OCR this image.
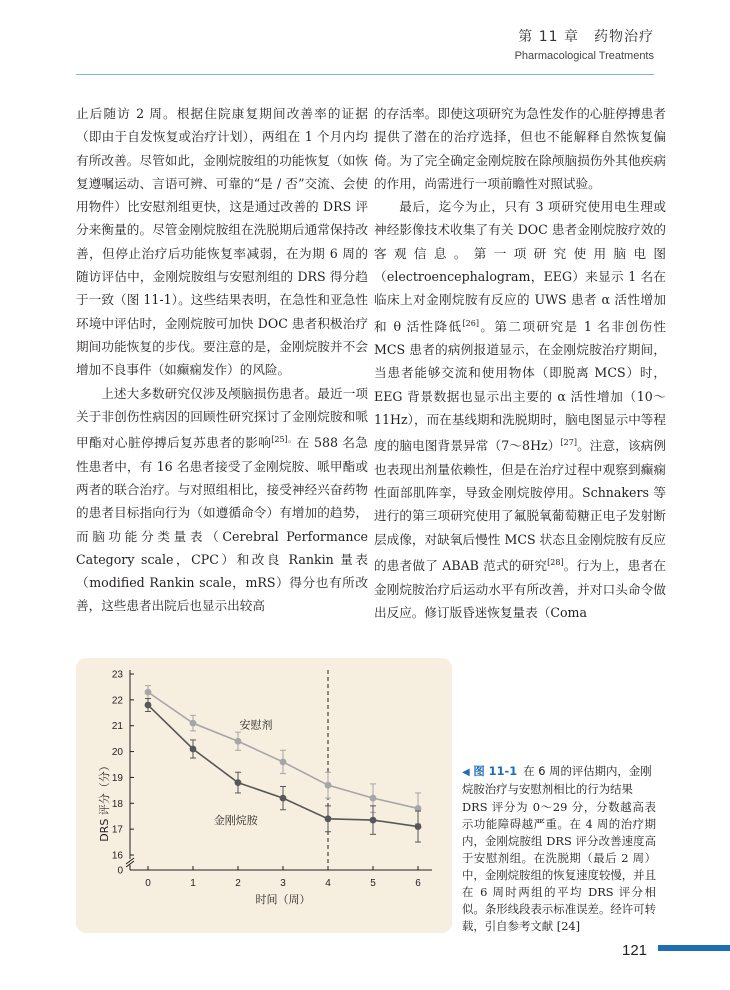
第 11 章　药物治疗
Pharmacological Treatments

止后随访 2 周。根据住院康复期间改善率的证据（即由于自发恢复或治疗计划），两组在 1 个月内均有所改善。尽管如此，金刚烷胺组的功能恢复（如恢复遵嘱运动、言语可辨、可靠的“是 / 否”交流、会使用物件）比安慰剂组更快，这是通过改善的 DRS 评分来衡量的。尽管金刚烷胺组在洗脱期后通常保持改善，但停止治疗后功能恢复率减弱，在为期 6 周的随访评估中，金刚烷胺组与安慰剂组的 DRS 得分趋于一致（图 11-1）。这些结果表明，在急性和亚急性环境中评估时，金刚烷胺可加快 DOC 患者积极治疗期间功能恢复的步伐。要注意的是，金刚烷胺并不会增加不良事件（如癫痫发作）的风险。

上述大多数研究仅涉及颅脑损伤患者。最近一项关于非创伤性病因的回顾性研究探讨了金刚烷胺和哌甲酯对心脏停搏后复苏患者的影响$^{[25]。}$在 588 名急性患者中，有 16 名患者接受了金刚烷胺、哌甲酯或两者的联合治疗。与对照组相比，接受神经兴奋药物的患者目标指向行为（如遵循命令）有增加的趋势，而脑功能分类量表（Cerebral Performance Category scale，CPC）和改良 Rankin 量表（modified Rankin scale，mRS）得分也有所改善，这些患者出院后也显示出较高

的存活率。即使这项研究为急性发作的心脏停搏患者提供了潜在的治疗选择，但也不能解释自然恢复偏倚。为了完全确定金刚烷胺在除颅脑损伤外其他疾病的作用，尚需进行一项前瞻性对照试验。

最后，迄今为止，只有 3 项研究使用电生理或神经影像技术收集了有关 DOC 患者金刚烷胺疗效的客观信息。第一项研究使用脑电图（electroencephalogram，EEG）来显示 1 名在临床上对金刚烷胺有反应的 UWS 患者 α 活性增加和 θ 活性降低[26]。第二项研究是 1 名非创伤性 MCS 患者的病例报道显示，在金刚烷胺治疗期间，当患者能够交流和使用物体（即脱离 MCS）时，EEG 背景数据也显示出主要的 α 活性增加（10～11Hz），而在基线期和洗脱期时，脑电图显示中等程度的脑电图背景异常（7～8Hz）[27]。注意，该病例也表现出剂量依赖性，但是在治疗过程中观察到癫痫性面部肌阵挛，导致金刚烷胺停用。Schnakers 等进行的第三项研究使用了氟脱氧葡萄糖正电子发射断层成像，对缺氧后慢性 MCS 状态且金刚烷胺有反应的患者做了 ABAB 范式的研究[28]。行为上，患者在金刚烷胺治疗后运动水平有所改善，并对口头命令做出反应。修订版昏迷恢复量表（Coma

16
17
18
19
20
21
22
23
0
0	1	2	3	4	5	6
安慰剂
金刚烷胺
DRS 评分（分）
时间（周）
◀ 图 11-1 在 6 周的评估期内，金刚烷胺治疗与安慰剂相比的行为结果
DRS 评分为 0～29 分，分数越高表示功能障碍越严重。在 4 周的治疗期内，金刚烷胺组 DRS 评分改善速度高于安慰剂组。在洗脱期（最后 2 周）中，金刚烷胺组的恢复速度较慢，并且在 6 周时两组的平均 DRS 评分相似。条形线段表示标准误差。经许可转载，引自参考文献 [24]
121
